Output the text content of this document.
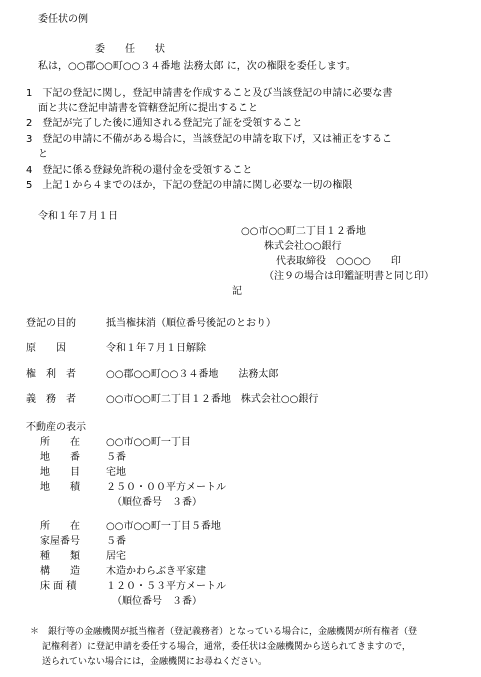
委任状の例
委　　任　　状
私は，○○郡○○町○○３４番地 法務太郎 に，次の権限を委任します。
1　下記の登記に関し，登記申請書を作成すること及び当該登記の申請に必要な書
面と共に登記申請書を管轄登記所に提出すること
2　登記が完了した後に通知される登記完了証を受領すること
3　登記の申請に不備がある場合に，当該登記の申請を取下げ，又は補正をするこ
と
4　登記に係る登録免許税の還付金を受領すること
5　上記１から４までのほか，下記の登記の申請に関し必要な一切の権限
令和１年７月１日
○○市○○町二丁目１２番地
株式会社○○銀行
代表取締役　○○○○　　印
（注９の場合は印鑑証明書と同じ印）
記
登記の目的	抵当権抹消（順位番号後記のとおり）
原　　因	令和１年７月１日解除
権　利　者	○○郡○○町○○３４番地　　法務太郎
義　務　者	○○市○○町二丁目１２番地　株式会社○○銀行
不動産の表示
所　　在	○○市○○町一丁目
地　　番	５番
地　　目	宅地
地　　積	２５０・００平方メートル
（順位番号　３番）
所　　在	○○市○○町一丁目５番地
家屋番号	５番
種　　類	居宅
構　　造	木造かわらぶき平家建
床 面 積	１２０・５３平方メートル
（順位番号　３番）
＊　銀行等の金融機関が抵当権者（登記義務者）となっている場合に，金融機関が所有権者（登
記権利者）に登記申請を委任する場合，通常，委任状は金融機関から送られてきますので，
送られていない場合には，金融機関にお尋ねください。
